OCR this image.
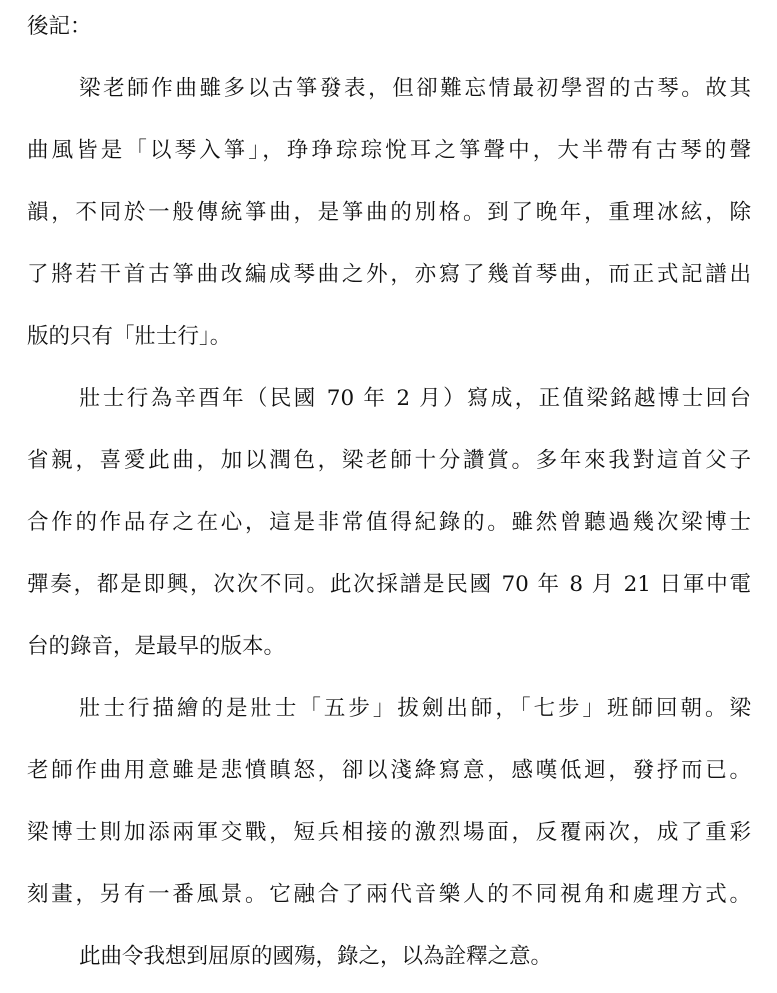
後記：
梁老師作曲雖多以古箏發表，但卻難忘情最初學習的古琴。故其
曲風皆是「以琴入箏」，琤琤琮琮悅耳之箏聲中，大半帶有古琴的聲
韻，不同於一般傳統箏曲，是箏曲的別格。到了晚年，重理冰絃，除
了將若干首古箏曲改編成琴曲之外，亦寫了幾首琴曲，而正式記譜出
版的只有「壯士行」。
壯士行為辛酉年（民國 70 年 2 月）寫成，正值梁銘越博士回台
省親，喜愛此曲，加以潤色，梁老師十分讚賞。多年來我對這首父子
合作的作品存之在心，這是非常值得紀錄的。雖然曾聽過幾次梁博士
彈奏，都是即興，次次不同。此次採譜是民國 70 年 8 月 21 日軍中電
台的錄音，是最早的版本。
壯士行描繪的是壯士「五步」拔劍出師，「七步」班師回朝。梁
老師作曲用意雖是悲憤瞋怒，卻以淺絳寫意，感嘆低迴，發抒而已。
梁博士則加添兩軍交戰，短兵相接的激烈場面，反覆兩次，成了重彩
刻畫，另有一番風景。它融合了兩代音樂人的不同視角和處理方式。
此曲令我想到屈原的國殤，錄之，以為詮釋之意。
